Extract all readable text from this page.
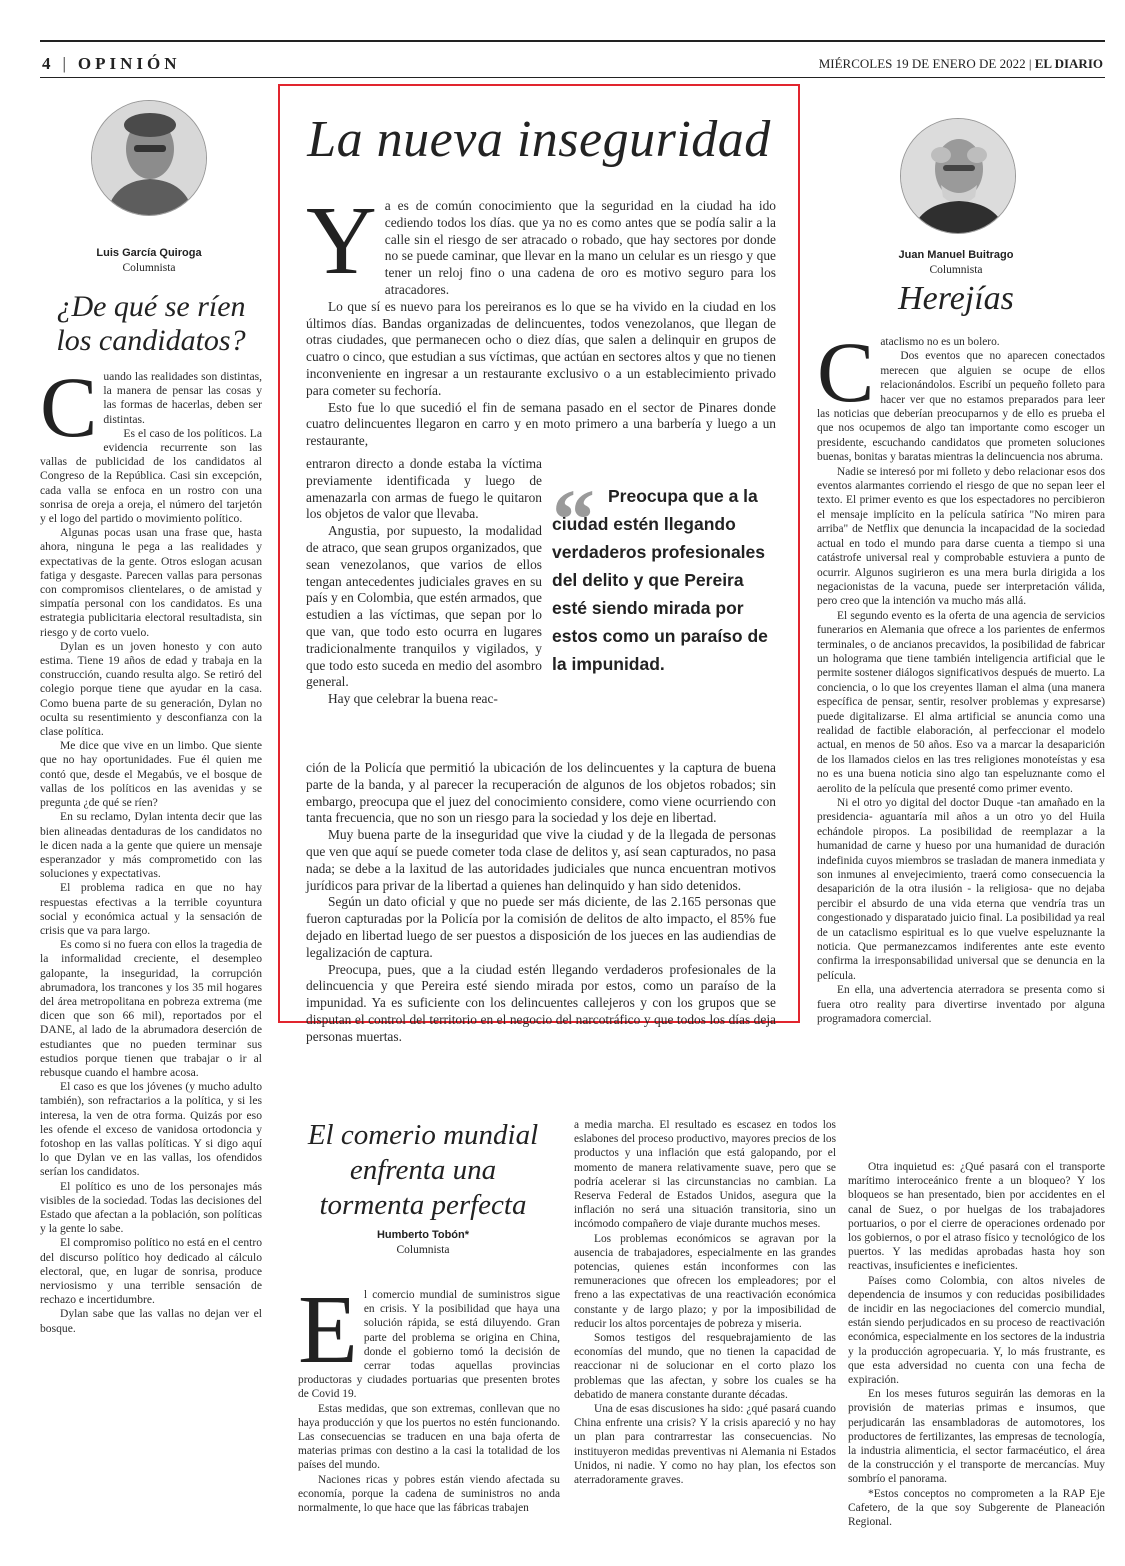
4 | OPINIÓN	MIÉRCOLES 19 DE ENERO DE 2022 | EL DIARIO
Luis García Quiroga
Columnista
¿De qué se ríen
los candidatos?

Cuando las realidades son distintas, la manera de pensar las cosas y las formas de hacerlas, deben ser distintas.

Es el caso de los políticos. La evidencia recurrente son las vallas de publicidad de los candidatos al Congreso de la República. Casi sin excepción, cada valla se enfoca en un rostro con una sonrisa de oreja a oreja, el número del tarjetón y el logo del partido o movimiento político.

Algunas pocas usan una frase que, hasta ahora, ninguna le pega a las realidades y expectativas de la gente. Otros eslogan acusan fatiga y desgaste. Parecen vallas para personas con compromisos clientelares, o de amistad y simpatía personal con los candidatos. Es una estrategia publicitaria electoral resultadista, sin riesgo y de corto vuelo.

Dylan es un joven honesto y con auto estima. Tiene 19 años de edad y trabaja en la construcción, cuando resulta algo. Se retiró del colegio porque tiene que ayudar en la casa. Como buena parte de su generación, Dylan no oculta su resentimiento y desconfianza con la clase política.

Me dice que vive en un limbo. Que siente que no hay oportunidades. Fue él quien me contó que, desde el Megabús, ve el bosque de vallas de los políticos en las avenidas y se pregunta ¿de qué se ríen?

En su reclamo, Dylan intenta decir que las bien alineadas dentaduras de los candidatos no le dicen nada a la gente que quiere un mensaje esperanzador y más comprometido con las soluciones y expectativas.

El problema radica en que no hay respuestas efectivas a la terrible coyuntura social y económica actual y la sensación de crisis que va para largo.

Es como si no fuera con ellos la tragedia de la informalidad creciente, el desempleo galopante, la inseguridad, la corrupción abrumadora, los trancones y los 35 mil hogares del área metropolitana en pobreza extrema (me dicen que son 66 mil), reportados por el DANE, al lado de la abrumadora deserción de estudiantes que no pueden terminar sus estudios porque tienen que trabajar o ir al rebusque cuando el hambre acosa.

El caso es que los jóvenes (y mucho adulto también), son refractarios a la política, y si les interesa, la ven de otra forma. Quizás por eso les ofende el exceso de vanidosa ortodoncia y fotoshop en las vallas políticas. Y si digo aquí lo que Dylan ve en las vallas, los ofendidos serían los candidatos.

El político es uno de los personajes más visibles de la sociedad. Todas las decisiones del Estado que afectan a la población, son políticas y la gente lo sabe.

El compromiso político no está en el centro del discurso político hoy dedicado al cálculo electoral, que, en lugar de sonrisa, produce nerviosismo y una terrible sensación de rechazo e incertidumbre.

Dylan sabe que las vallas no dejan ver el bosque.

La nueva inseguridad

Ya es de común conocimiento que la seguridad en la ciudad ha ido cediendo todos los días. que ya no es como antes que se podía salir a la calle sin el riesgo de ser atracado o robado, que hay sectores por donde no se puede caminar, que llevar en la mano un celular es un riesgo y que tener un reloj fino o una cadena de oro es motivo seguro para los atracadores.

Lo que sí es nuevo para los pereiranos es lo que se ha vivido en la ciudad en los últimos días. Bandas organizadas de delincuentes, todos venezolanos, que llegan de otras ciudades, que permanecen ocho o diez días, que salen a delinquir en grupos de cuatro o cinco, que estudian a sus víctimas, que actúan en sectores altos y que no tienen inconveniente en ingresar a un restaurante exclusivo o a un establecimiento privado para cometer su fechoría.

Esto fue lo que sucedió el fin de semana pasado en el sector de Pinares donde cuatro delincuentes llegaron en carro y en moto primero a una barbería y luego a un restaurante,

entraron directo a donde estaba la víctima previamente identificada y luego de amenazarla con armas de fuego le quitaron los objetos de valor que llevaba.

Angustia, por supuesto, la modalidad de atraco, que sean grupos organizados, que sean venezolanos, que varios de ellos tengan antecedentes judiciales graves en su país y en Colombia, que estén armados, que estudien a las víctimas, que sepan por lo que van, que todo esto ocurra en lugares tradicionalmente tranquilos y vigilados, y que todo esto suceda en medio del asombro general.

Hay que celebrar la buena reac-

“ Preocupa que a la ciudad estén llegando verdaderos profesionales del delito y que Pereira esté siendo mirada por estos como un paraíso de la impunidad.

ción de la Policía que permitió la ubicación de los delincuentes y la captura de buena parte de la banda, y al parecer la recuperación de algunos de los objetos robados; sin embargo, preocupa que el juez del conocimiento considere, como viene ocurriendo con tanta frecuencia, que no son un riesgo para la sociedad y los deje en libertad.

Muy buena parte de la inseguridad que vive la ciudad y de la llegada de personas que ven que aquí se puede cometer toda clase de delitos y, así sean capturados, no pasa nada; se debe a la laxitud de las autoridades judiciales que nunca encuentran motivos jurídicos para privar de la libertad a quienes han delinquido y han sido detenidos.

Según un dato oficial y que no puede ser más diciente, de las 2.165 personas que fueron capturadas por la Policía por la comisión de delitos de alto impacto, el 85% fue dejado en libertad luego de ser puestos a disposición de los jueces en las audiendias de legalización de captura.

Preocupa, pues, que a la ciudad estén llegando verdaderos profesionales de la delincuencia y que Pereira esté siendo mirada por estos, como un paraíso de la impunidad. Ya es suficiente con los delincuentes callejeros y con los grupos que se disputan el control del territorio en el negocio del narcotráfico y que todos los días deja personas muertas.

Juan Manuel Buitrago
Columnista
Herejías

Cataclismo no es un bolero.

Dos eventos que no aparecen conectados merecen que alguien se ocupe de ellos relacionándolos. Escribí un pequeño folleto para hacer ver que no estamos preparados para leer las noticias que deberían preocuparnos y de ello es prueba el que nos ocupemos de algo tan importante como escoger un presidente, escuchando candidatos que prometen soluciones buenas, bonitas y baratas mientras la delincuencia nos abruma.

Nadie se interesó por mi folleto y debo relacionar esos dos eventos alarmantes corriendo el riesgo de que no sepan leer el texto. El primer evento es que los espectadores no percibieron el mensaje implícito en la película satírica "No miren para arriba" de Netflix que denuncia la incapacidad de la sociedad actual en todo el mundo para darse cuenta a tiempo si una catástrofe universal real y comprobable estuviera a punto de ocurrir. Algunos sugirieron es una mera burla dirigida a los negacionistas de la vacuna, puede ser interpretación válida, pero creo que la intención va mucho más allá.

El segundo evento es la oferta de una agencia de servicios funerarios en Alemania que ofrece a los parientes de enfermos terminales, o de ancianos precavidos, la posibilidad de fabricar un holograma que tiene también inteligencia artificial que le permite sostener diálogos significativos después de muerto. La conciencia, o lo que los creyentes llaman el alma (una manera específica de pensar, sentir, resolver problemas y expresarse) puede digitalizarse. El alma artificial se anuncia como una realidad de factible elaboración, al perfeccionar el modelo actual, en menos de 50 años. Eso va a marcar la desaparición de los llamados cielos en las tres religiones monoteístas y esa no es una buena noticia sino algo tan espeluznante como el aerolito de la película que presenté como primer evento.

Ni el otro yo digital del doctor Duque -tan amañado en la presidencia- aguantaría mil años a un otro yo del Huila echándole piropos. La posibilidad de reemplazar a la humanidad de carne y hueso por una humanidad de duración indefinida cuyos miembros se trasladan de manera inmediata y son inmunes al envejecimiento, traerá como consecuencia la desaparición de la otra ilusión - la religiosa- que no dejaba percibir el absurdo de una vida eterna que vendría tras un congestionado y disparatado juicio final. La posibilidad ya real de un cataclismo espiritual es lo que vuelve espeluznante la noticia. Que permanezcamos indiferentes ante este evento confirma la irresponsabilidad universal que se denuncia en la película.

En ella, una advertencia aterradora se presenta como si fuera otro reality para divertirse inventado por alguna programadora comercial.

El comerio mundial
enfrenta una
tormenta perfecta
Humberto Tobón*
Columnista

El comercio mundial de suministros sigue en crisis. Y la posibilidad que haya una solución rápida, se está diluyendo. Gran parte del problema se origina en China, donde el gobierno tomó la decisión de cerrar todas aquellas provincias productoras y ciudades portuarias que presenten brotes de Covid 19.

Estas medidas, que son extremas, conllevan que no haya producción y que los puertos no estén funcionando. Las consecuencias se traducen en una baja oferta de materias primas con destino a la casi la totalidad de los países del mundo.

Naciones ricas y pobres están viendo afectada su economía, porque la cadena de suministros no anda normalmente, lo que hace que las fábricas trabajen

a media marcha. El resultado es escasez en todos los eslabones del proceso productivo, mayores precios de los productos y una inflación que está galopando, por el momento de manera relativamente suave, pero que se podría acelerar si las circunstancias no cambian. La Reserva Federal de Estados Unidos, asegura que la inflación no será una situación transitoria, sino un incómodo compañero de viaje durante muchos meses.

Los problemas económicos se agravan por la ausencia de trabajadores, especialmente en las grandes potencias, quienes están inconformes con las remuneraciones que ofrecen los empleadores; por el freno a las expectativas de una reactivación económica constante y de largo plazo; y por la imposibilidad de reducir los altos porcentajes de pobreza y miseria.

Somos testigos del resquebrajamiento de las economías del mundo, que no tienen la capacidad de reaccionar ni de solucionar en el corto plazo los problemas que las afectan, y sobre los cuales se ha debatido de manera constante durante décadas.

Una de esas discusiones ha sido: ¿qué pasará cuando China enfrente una crisis? Y la crisis apareció y no hay un plan para contrarrestar las consecuencias. No instituyeron medidas preventivas ni Alemania ni Estados Unidos, ni nadie. Y como no hay plan, los efectos son aterradoramente graves.

Otra inquietud es: ¿Qué pasará con el transporte marítimo interoceánico frente a un bloqueo? Y los bloqueos se han presentado, bien por accidentes en el canal de Suez, o por huelgas de los trabajadores portuarios, o por el cierre de operaciones ordenado por los gobiernos, o por el atraso físico y tecnológico de los puertos. Y las medidas aprobadas hasta hoy son reactivas, insuficientes e ineficientes.

Países como Colombia, con altos niveles de dependencia de insumos y con reducidas posibilidades de incidir en las negociaciones del comercio mundial, están siendo perjudicados en su proceso de reactivación económica, especialmente en los sectores de la industria y la producción agropecuaria. Y, lo más frustrante, es que esta adversidad no cuenta con una fecha de expiración.

En los meses futuros seguirán las demoras en la provisión de materias primas e insumos, que perjudicarán las ensambladoras de automotores, los productores de fertilizantes, las empresas de tecnología, la industria alimenticia, el sector farmacéutico, el área de la construcción y el transporte de mercancías. Muy sombrío el panorama.

*Estos conceptos no comprometen a la RAP Eje Cafetero, de la que soy Subgerente de Planeación Regional.
